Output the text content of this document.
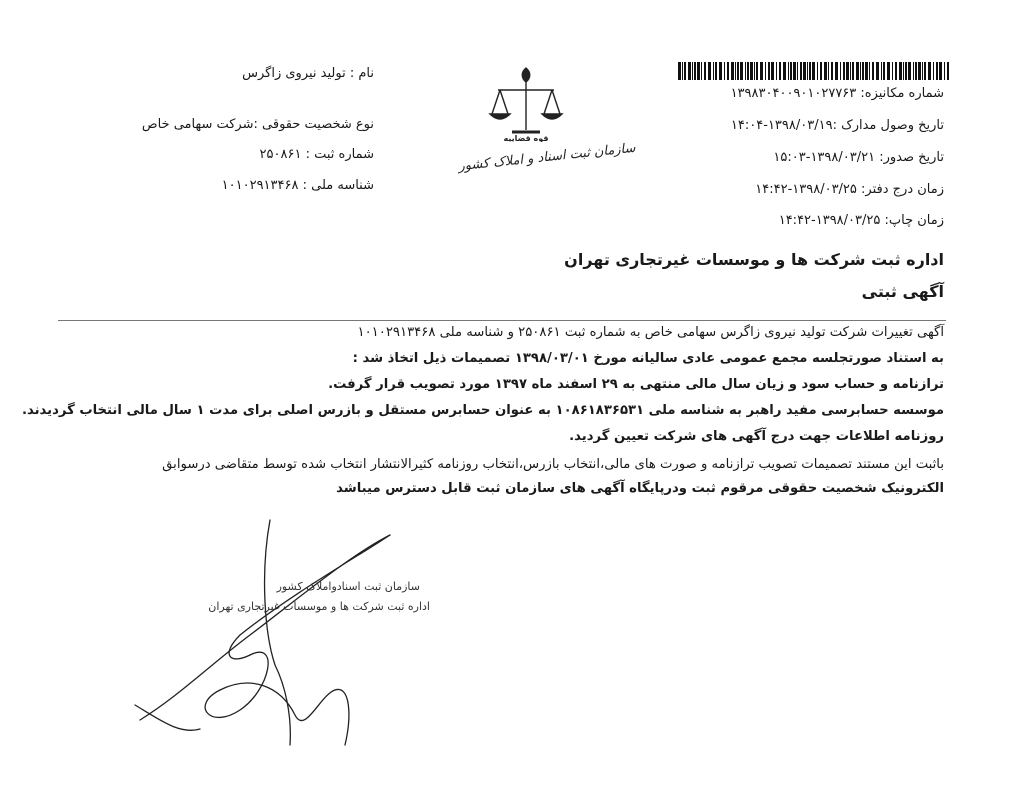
شماره مکانیزه: ۱۳۹۸۳۰۴۰۰۹۰۱۰۲۷۷۶۳
تاریخ وصول مدارک :۱۳۹۸/۰۳/۱۹-۱۴:۰۴
تاریخ صدور: ۱۳۹۸/۰۳/۲۱-۱۵:۰۳
زمان درج دفتر: ۱۳۹۸/۰۳/۲۵-۱۴:۴۲
زمان چاپ: ۱۳۹۸/۰۳/۲۵-۱۴:۴۲
نام : تولید نیروی زاگرس
نوع شخصیت حقوقی :شرکت سهامی خاص
شماره ثبت : ۲۵۰۸۶۱
شناسه ملی : ۱۰۱۰۲۹۱۳۴۶۸
قوه قضاییه
سازمان ثبت اسناد و املاک کشور
اداره ثبت شرکت ها و موسسات غیرتجاری تهران
آگهی ثبتی
آگهی تغییرات شرکت تولید نیروی زاگرس سهامی خاص به شماره ثبت ۲۵۰۸۶۱ و شناسه ملی ۱۰۱۰۲۹۱۳۴۶۸
به استناد صورتجلسه مجمع عمومی عادی سالیانه مورخ ۱۳۹۸/۰۳/۰۱ تصمیمات ذیل اتخاذ شد :
ترازنامه و حساب سود و زیان سال مالی منتهی به ۲۹ اسفند ماه ۱۳۹۷ مورد تصویب قرار گرفت.
موسسه حسابرسی مفید راهبر به شناسه ملی ۱۰۸۶۱۸۳۶۵۳۱ به عنوان حسابرس مستقل و بازرس اصلی برای مدت ۱ سال مالی انتخاب گردیدند.
روزنامه اطلاعات جهت درج آگهی های شرکت تعیین گردید.
باثبت این مستند تصمیمات تصویب ترازنامه و صورت های مالی،انتخاب بازرس،انتخاب روزنامه کثیرالانتشار انتخاب شده توسط متقاضی درسوابق
الکترونیک شخصیت حقوقی مرقوم ثبت ودرپایگاه آگهی های سازمان ثبت قابل دسترس میباشد
سازمان ثبت اسنادواملاک کشور
اداره ثبت شرکت ها و موسسات غیرتجاری تهران
